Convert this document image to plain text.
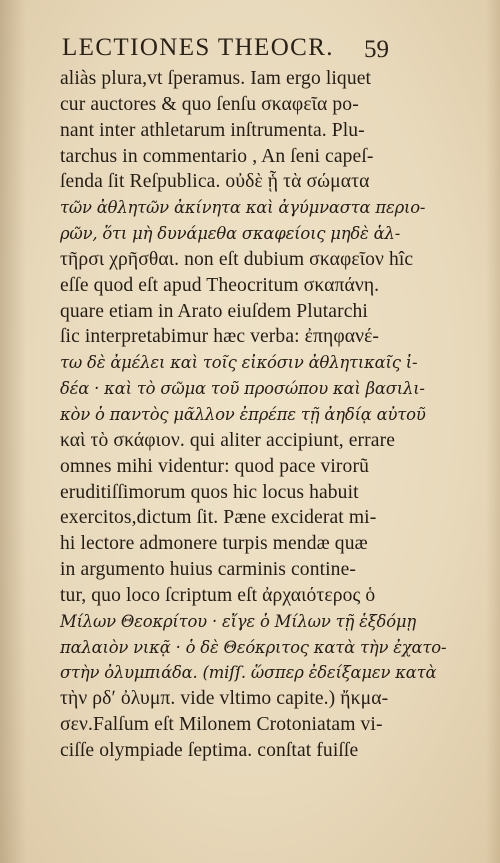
LECTIONES THEOCR.	59
aliàs plura,vt ſperamus. Iam ergo liquet
cur auctores & quo ſenſu σκαφεῖα po-
nant inter athletarum inſtrumenta. Plu-
tarchus in commentario , An ſeni capeſ-
ſenda ſit Reſpublica. οὐδὲ ᾗ τὰ σώματα
τῶν ἀθλητῶν ἀκίνητα καὶ ἀγύμναστα περιο-
ρῶν, ὅτι μὴ δυνάμεθα σκαφείοις μηδὲ ἁλ-
τῆρσι χρῆσθαι. non eſt dubium σκαφεῖον hîc
eſſe quod eſt apud Theocritum σκαπάνη.
quare etiam in Arato eiuſdem Plutarchi
ſic interpretabimur hæc verba: ἐπηφανέ-
τω δὲ ἀμέλει καὶ τοῖς εἰκόσιν ἀθλητικαῖς ἰ-
δέα · καὶ τὸ σῶμα τοῦ προσώπου καὶ βασιλι-
κὸν ὁ παντὸς μᾶλλον ἐπρέπε τῇ ἀηδίᾳ αὐτοῦ
καὶ τὸ σκάφιον. qui aliter accipiunt, errare
omnes mihi videntur: quod pace virorũ
eruditiſſimorum quos hic locus habuit
exercitos,dictum ſit. Pæne exciderat mi-
hi lectore admonere turpis mendæ quæ
in argumento huius carminis contine-
tur, quo loco ſcriptum eſt ἀρχαιότερος ὁ
Μίλων Θεοκρίτου · εἴγε ὁ Μίλων τῇ ἑξδόμῃ
παλαιὸν νικᾷ · ὁ δὲ Θεόκριτος κατὰ τὴν ἐχατο-
στὴν ὀλυμπιάδα. (miſſ. ὥσπερ ἐδείξαμεν κατὰ
τὴν ρδʹ ὀλυμπ. vide vltimo capite.) ἤκμα-
σεν.Falſum eſt Milonem Crotoniatam vi-
ciſſe olympiade ſeptima. conſtat fuiſſe
